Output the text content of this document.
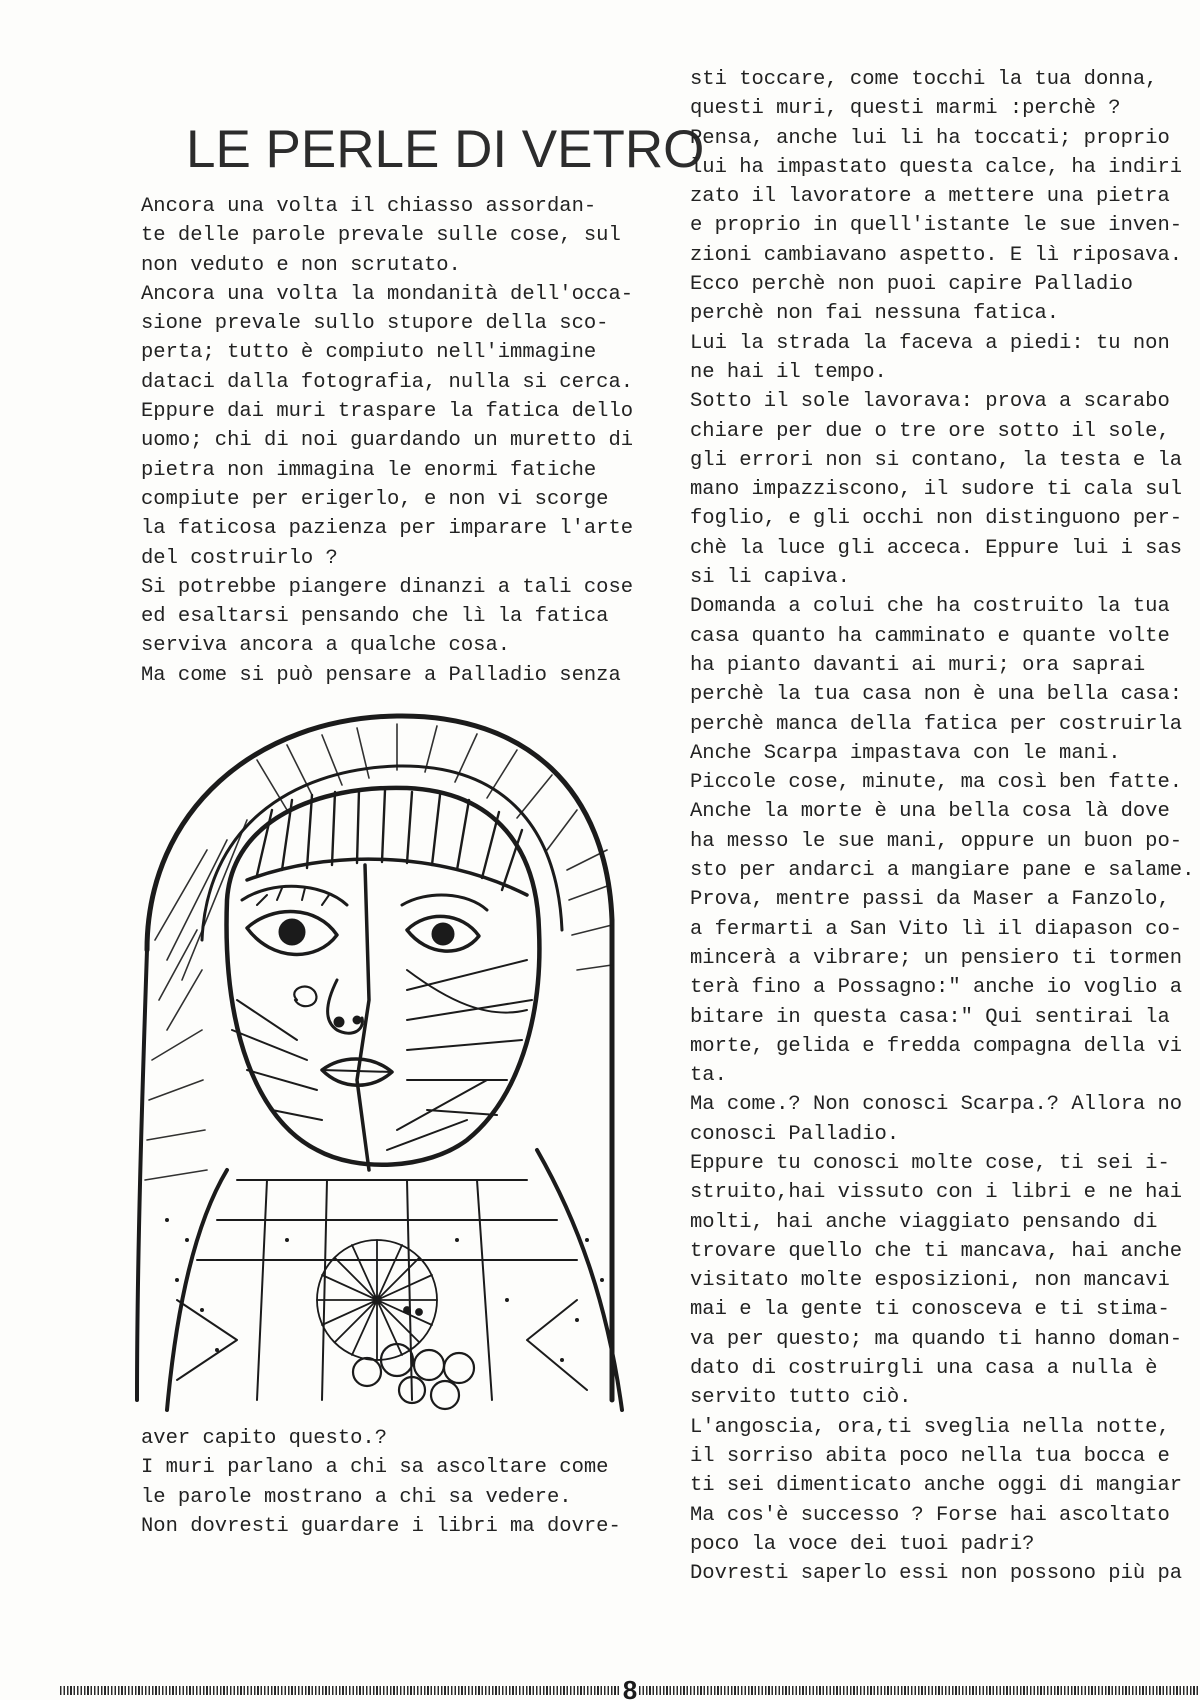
LE PERLE DI VETRO
Ancora una volta il chiasso assordan-
te delle parole prevale sulle cose, sul
non veduto e non scrutato.
Ancora una volta la mondanità dell'occa-
sione prevale sullo stupore della sco-
perta; tutto è compiuto nell'immagine
dataci dalla fotografia, nulla si cerca.
Eppure dai muri traspare la fatica dello
uomo; chi di noi guardando un muretto di
pietra non immagina le enormi fatiche
compiute per erigerlo, e non vi scorge
la faticosa pazienza per imparare l'arte
del costruirlo ?
Si potrebbe piangere dinanzi a tali cose
ed esaltarsi pensando che lì la fatica
serviva ancora a qualche cosa.
Ma come si può pensare a Palladio senza
aver capito questo.?
I muri parlano a chi sa ascoltare come
le parole mostrano a chi sa vedere.
Non dovresti guardare i libri ma dovre-
sti toccare, come tocchi la tua donna,
questi muri, questi marmi :perchè ?
Pensa, anche lui li ha toccati; proprio
lui ha impastato questa calce, ha indiri
zato il lavoratore a mettere una pietra
e proprio in quell'istante le sue inven-
zioni cambiavano aspetto. E lì riposava.
Ecco perchè non puoi capire Palladio
perchè non fai nessuna fatica.
Lui la strada la faceva a piedi: tu non
ne hai il tempo.
Sotto il sole lavorava: prova a scarabo
chiare per due o tre ore sotto il sole,
gli errori non si contano, la testa e la
mano impazziscono, il sudore ti cala sul
foglio, e gli occhi non distinguono per-
chè la luce gli acceca. Eppure lui i sas
si li capiva.
Domanda a colui che ha costruito la tua
casa quanto ha camminato e quante volte
ha pianto davanti ai muri; ora saprai
perchè la tua casa non è una bella casa:
perchè manca della fatica per costruirla
Anche Scarpa impastava con le mani.
Piccole cose, minute, ma così ben fatte.
Anche la morte è una bella cosa là dove
ha messo le sue mani, oppure un buon po-
sto per andarci a mangiare pane e salame.
Prova, mentre passi da Maser a Fanzolo,
a fermarti a San Vito lì il diapason co-
mincerà a vibrare; un pensiero ti tormen
terà fino a Possagno:" anche io voglio a
bitare in questa casa:" Qui sentirai la
morte, gelida e fredda compagna della vi
ta.
Ma come.? Non conosci Scarpa.? Allora no
conosci Palladio.
Eppure tu conosci molte cose, ti sei i-
struito,hai vissuto con i libri e ne hai
molti, hai anche viaggiato pensando di
trovare quello che ti mancava, hai anche
visitato molte esposizioni, non mancavi
mai e la gente ti conosceva e ti stima-
va per questo; ma quando ti hanno doman-
dato di costruirgli una casa a nulla è
servito tutto ciò.
L'angoscia, ora,ti sveglia nella notte,
il sorriso abita poco nella tua bocca e
ti sei dimenticato anche oggi di mangiar
Ma cos'è successo ? Forse hai ascoltato
poco la voce dei tuoi padri?
Dovresti saperlo essi non possono più pa
8
